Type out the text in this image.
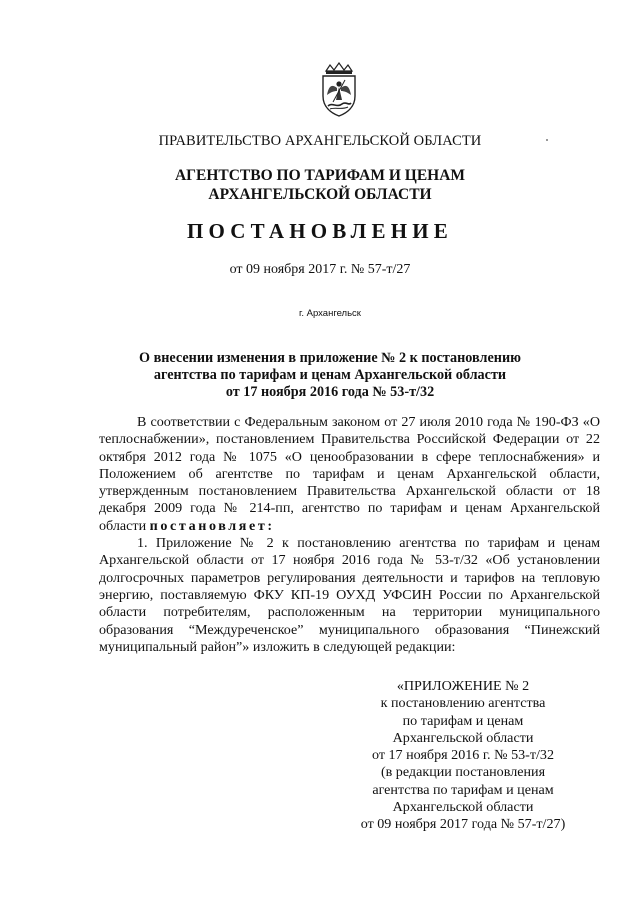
ПРАВИТЕЛЬСТВО АРХАНГЕЛЬСКОЙ ОБЛАСТИ
АГЕНТСТВО ПО ТАРИФАМ И ЦЕНАМ
АРХАНГЕЛЬСКОЙ ОБЛАСТИ
ПОСТАНОВЛЕНИЕ
от 09 ноября 2017 г. № 57-т/27
г. Архангельск
О внесении изменения в приложение № 2 к постановлению
агентства по тарифам и ценам Архангельской области
от 17 ноября 2016 года № 53-т/32

В соответствии с Федеральным законом от 27 июля 2010 года № 190-ФЗ «О теплоснабжении», постановлением Правительства Российской Федерации от 22 октября 2012 года № 1075 «О ценообразовании в сфере теплоснабжения» и Положением об агентстве по тарифам и ценам Архангельской области, утвержденным постановлением Правительства Архангельской области от 18 декабря 2009 года № 214-пп, агентство по тарифам и ценам Архангельской области постановляет:

1. Приложение № 2 к постановлению агентства по тарифам и ценам Архангельской области от 17 ноября 2016 года № 53-т/32 «Об установлении долгосрочных параметров регулирования деятельности и тарифов на тепловую энергию, поставляемую ФКУ КП-19 ОУХД УФСИН России по Архангельской области потребителям, расположенным на территории муниципального образования “Междуреченское” муниципального образования “Пинежский муниципальный район”» изложить в следующей редакции:

«ПРИЛОЖЕНИЕ № 2
к постановлению агентства
по тарифам и ценам
Архангельской области
от 17 ноября 2016 г. № 53-т/32
(в редакции постановления
агентства по тарифам и ценам
Архангельской области
от 09 ноября 2017 года № 57-т/27)
